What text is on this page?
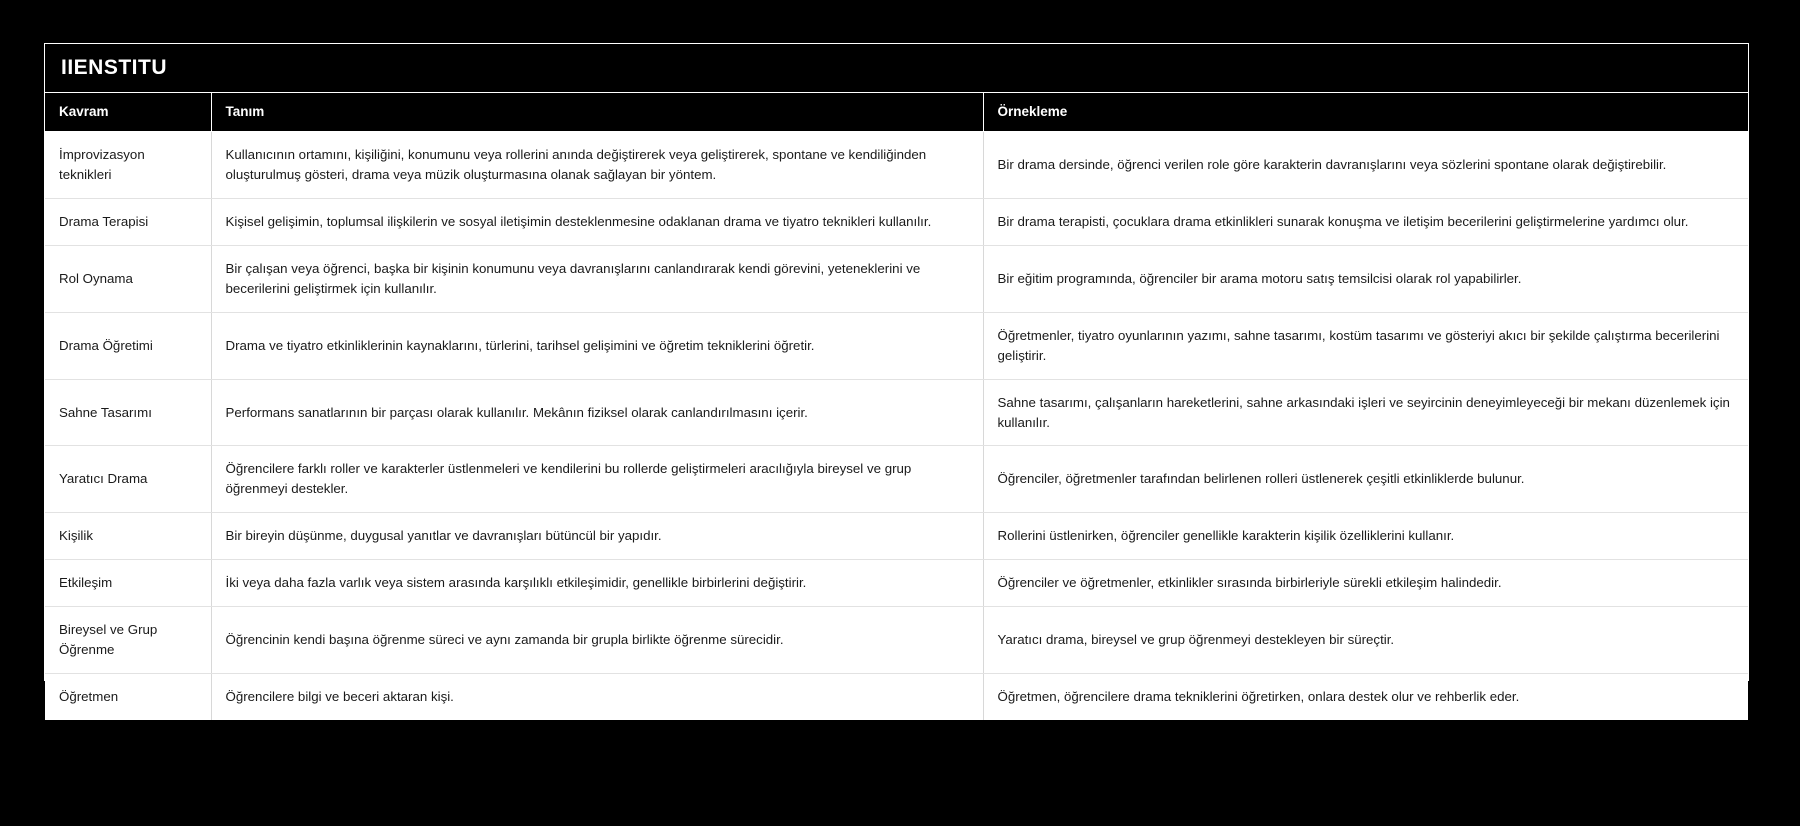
IIENSTITU
Kavram	Tanım	Örnekleme
İmprovizasyon teknikleri	Kullanıcının ortamını, kişiliğini, konumunu veya rollerini anında değiştirerek veya geliştirerek, spontane ve kendiliğinden oluşturulmuş gösteri, drama veya müzik oluşturmasına olanak sağlayan bir yöntem.	Bir drama dersinde, öğrenci verilen role göre karakterin davranışlarını veya sözlerini spontane olarak değiştirebilir.
Drama Terapisi	Kişisel gelişimin, toplumsal ilişkilerin ve sosyal iletişimin desteklenmesine odaklanan drama ve tiyatro teknikleri kullanılır.	Bir drama terapisti, çocuklara drama etkinlikleri sunarak konuşma ve iletişim becerilerini geliştirmelerine yardımcı olur.
Rol Oynama	Bir çalışan veya öğrenci, başka bir kişinin konumunu veya davranışlarını canlandırarak kendi görevini, yeteneklerini ve becerilerini geliştirmek için kullanılır.	Bir eğitim programında, öğrenciler bir arama motoru satış temsilcisi olarak rol yapabilirler.
Drama Öğretimi	Drama ve tiyatro etkinliklerinin kaynaklarını, türlerini, tarihsel gelişimini ve öğretim tekniklerini öğretir.	Öğretmenler, tiyatro oyunlarının yazımı, sahne tasarımı, kostüm tasarımı ve gösteriyi akıcı bir şekilde çalıştırma becerilerini geliştirir.
Sahne Tasarımı	Performans sanatlarının bir parçası olarak kullanılır. Mekânın fiziksel olarak canlandırılmasını içerir.	Sahne tasarımı, çalışanların hareketlerini, sahne arkasındaki işleri ve seyircinin deneyimleyeceği bir mekanı düzenlemek için kullanılır.
Yaratıcı Drama	Öğrencilere farklı roller ve karakterler üstlenmeleri ve kendilerini bu rollerde geliştirmeleri aracılığıyla bireysel ve grup öğrenmeyi destekler.	Öğrenciler, öğretmenler tarafından belirlenen rolleri üstlenerek çeşitli etkinliklerde bulunur.
Kişilik	Bir bireyin düşünme, duygusal yanıtlar ve davranışları bütüncül bir yapıdır.	Rollerini üstlenirken, öğrenciler genellikle karakterin kişilik özelliklerini kullanır.
Etkileşim	İki veya daha fazla varlık veya sistem arasında karşılıklı etkileşimidir, genellikle birbirlerini değiştirir.	Öğrenciler ve öğretmenler, etkinlikler sırasında birbirleriyle sürekli etkileşim halindedir.
Bireysel ve Grup Öğrenme	Öğrencinin kendi başına öğrenme süreci ve aynı zamanda bir grupla birlikte öğrenme sürecidir.	Yaratıcı drama, bireysel ve grup öğrenmeyi destekleyen bir süreçtir.
Öğretmen	Öğrencilere bilgi ve beceri aktaran kişi.	Öğretmen, öğrencilere drama tekniklerini öğretirken, onlara destek olur ve rehberlik eder.
